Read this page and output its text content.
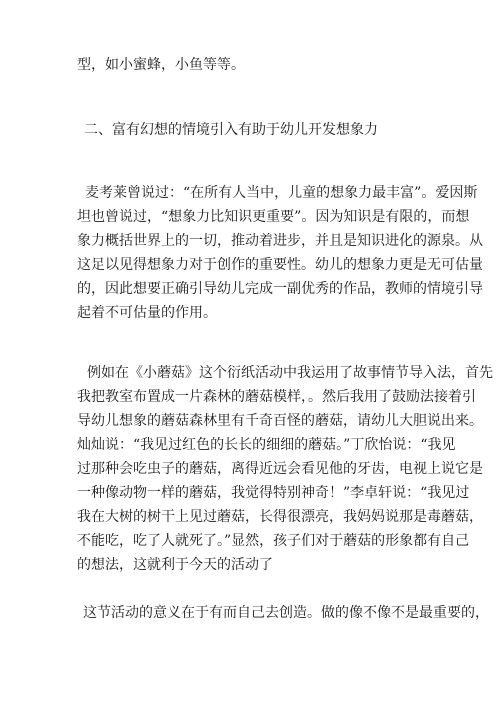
型，如小蜜蜂，小鱼等等。

二、富有幻想的情境引入有助于幼儿开发想象力

麦考莱曾说过：“在所有人当中，儿童的想象力最丰富”。爱因斯
坦也曾说过，“想象力比知识更重要”。因为知识是有限的，而想
象力概括世界上的一切，推动着进步，并且是知识进化的源泉。从
这足以见得想象力对于创作的重要性。幼儿的想象力更是无可估量
的，因此想要正确引导幼儿完成一副优秀的作品，教师的情境引导
起着不可估量的作用。

例如在《小蘑菇》这个衍纸活动中我运用了故事情节导入法，首先
我把教室布置成一片森林的蘑菇模样，。然后我用了鼓励法接着引
导幼儿想象的蘑菇森林里有千奇百怪的蘑菇，请幼儿大胆说出来。
灿灿说：“我见过红色的长长的细细的蘑菇。”丁欣怡说：“我见
过那种会吃虫子的蘑菇，离得近远会看见他的牙齿，电视上说它是
一种像动物一样的蘑菇，我觉得特别神奇！”李卓轩说：“我见过
我在大树的树干上见过蘑菇，长得很漂亮，我妈妈说那是毒蘑菇，
不能吃，吃了人就死了。”显然，孩子们对于蘑菇的形象都有自己
的想法，这就利于今天的活动了

这节活动的意义在于有而自己去创造。做的像不像不是最重要的，
